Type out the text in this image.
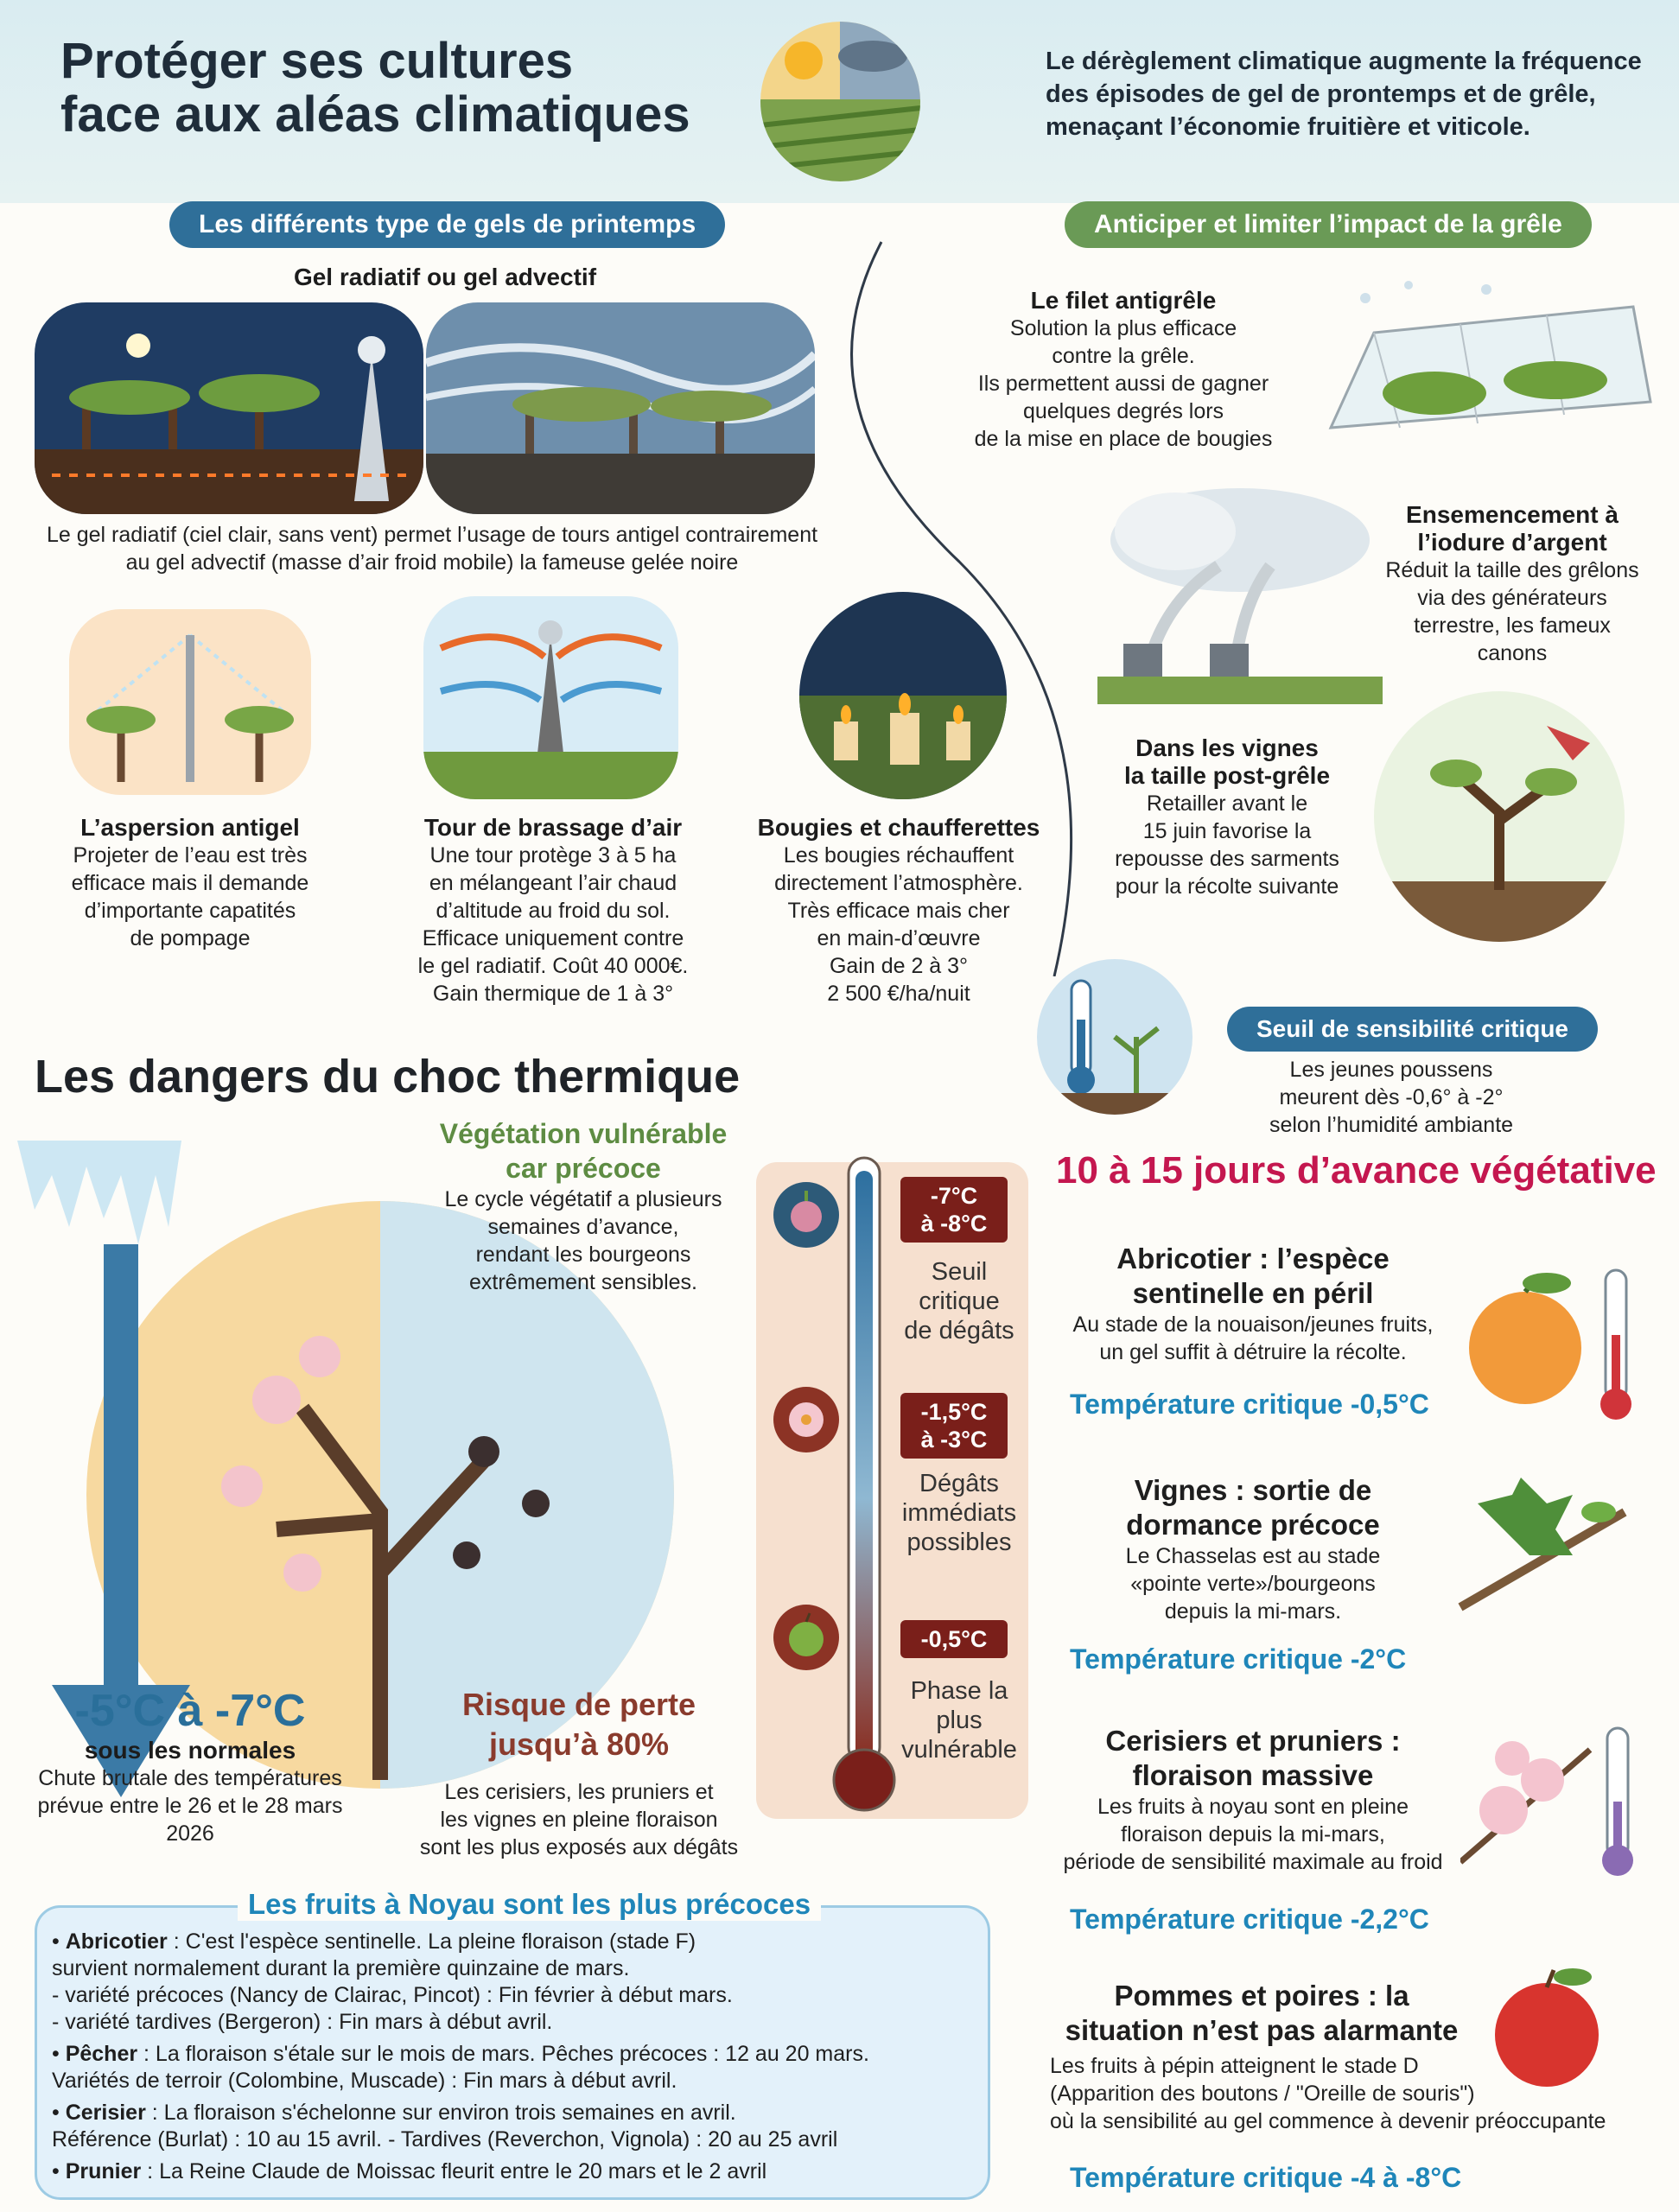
Protéger ses cultures
face aux aléas climatiques
Le dérèglement climatique augmente la fréquence des épisodes de gel de prontemps et de grêle, menaçant l’économie fruitière et viticole.
Les différents type de gels de printemps
Gel radiatif ou gel advectif
Le gel radiatif (ciel clair, sans vent) permet l’usage de tours antigel contrairement
au gel advectif (masse d’air froid mobile) la fameuse gelée noire
L’aspersion antigel
Projeter de l’eau est très
efficace mais il demande
d’importante capatités
de pompage
Tour de brassage d’air
Une tour protège 3 à 5 ha
en mélangeant l’air chaud
d’altitude au froid du sol.
Efficace uniquement contre
le gel radiatif. Coût 40 000€.
Gain thermique de 1 à 3°
Bougies et chaufferettes
Les bougies réchauffent
directement l’atmosphère.
Très efficace mais cher
en main-d’œuvre
Gain de 2 à 3°
2 500 €/ha/nuit
Anticiper et limiter l’impact de la grêle
Le filet antigrêle
Solution la plus efficace
contre la grêle.
Ils permettent aussi de gagner
quelques degrés lors
de la mise en place de bougies
Ensemencement à
l’iodure d’argent
Réduit la taille des grêlons
via des générateurs
terrestre, les fameux
canons
Dans les vignes
la taille post-grêle
Retailler avant le
15 juin favorise la
repousse des sarments
pour la récolte suivante
Les dangers du choc thermique
Végétation vulnérable
car précoce
Le cycle végétatif a plusieurs
semaines d’avance,
rendant les bourgeons
extrêmement sensibles.
-5°C à -7°C
sous les normales
Chute brutale des températures
prévue entre le 26 et le 28 mars
2026
Risque de perte
jusqu’à 80%
Les cerisiers, les pruniers et
les vignes en pleine floraison
sont les plus exposés aux dégâts
-7°C
à -8°C
Seuil
critique
de dégâts
-1,5°C
à -3°C
Dégâts
immédiats
possibles
-0,5°C
Phase la
plus
vulnérable
Seuil de sensibilité critique
Les jeunes poussens
meurent dès -0,6° à -2°
selon l’humidité ambiante
10 à 15 jours d’avance végétative
Abricotier : l’espèce
sentinelle en péril
Au stade de la nouaison/jeunes fruits,
un gel suffit à détruire la récolte.
Température critique -0,5°C
Vignes : sortie de
dormance précoce
Le Chasselas est au stade
«pointe verte»/bourgeons
depuis la mi-mars.
Température critique -2°C
Cerisiers et pruniers :
floraison massive
Les fruits à noyau sont en pleine
floraison depuis la mi-mars,
période de sensibilité maximale au froid
Température critique -2,2°C
Pommes et poires : la
situation n’est pas alarmante
Les fruits à pépin atteignent le stade D
(Apparition des boutons / "Oreille de souris")
où la sensibilité au gel commence à devenir préoccupante
Température critique -4 à -8°C
Les fruits à Noyau sont les plus précoces
• Abricotier : C'est l'espèce sentinelle. La pleine floraison (stade F)
survient normalement durant la première quinzaine de mars.
- variété précoces (Nancy de Clairac, Pincot) : Fin février à début mars.
- variété tardives (Bergeron) : Fin mars à début avril.
• Pêcher : La floraison s'étale sur le mois de mars. Pêches précoces : 12 au 20 mars.
Variétés de terroir (Colombine, Muscade) : Fin mars à début avril.
• Cerisier : La floraison s'échelonne sur environ trois semaines en avril.
Référence (Burlat) : 10 au 15 avril. - Tardives (Reverchon, Vignola) : 20 au 25 avril
• Prunier : La Reine Claude de Moissac fleurit entre le 20 mars et le 2 avril
